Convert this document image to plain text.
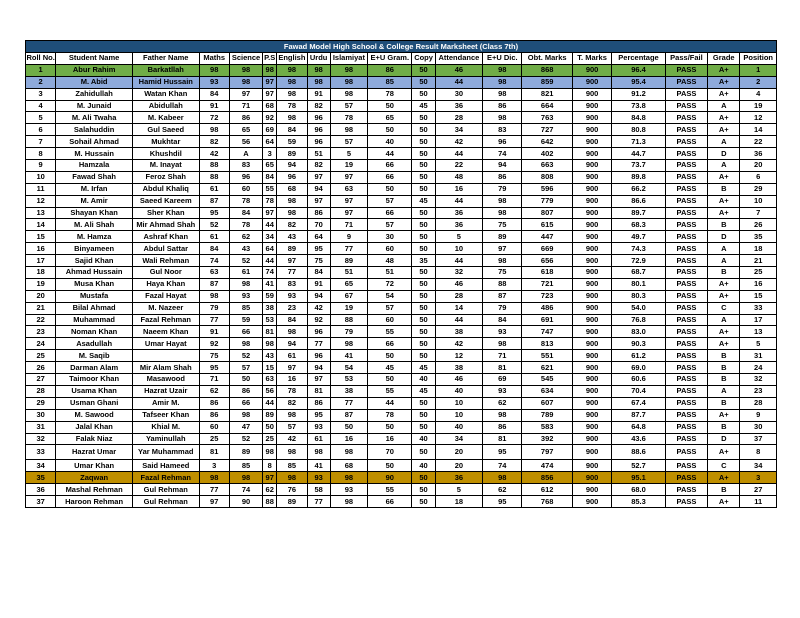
Fawad Model High School & College Result Marksheet (Class 7th)																		
Roll No.	Student Name	Father Name	Maths	Science	P.S	English	Urdu	Islamiyat	E+U Gram.	Copy	Attendance	E+U Dic.	Obt. Marks	T. Marks	Percentage	Pass/Fail	Grade	Position
1	Abur Rahim	Barkatllah	98	98	98	98	98	98	86	50	46	98	868	900	96.4	PASS	A+	1
2	M. Abid	Hamid Hussain	93	98	97	98	98	98	85	50	44	98	859	900	95.4	PASS	A+	2
3	Zahidullah	Watan Khan	84	97	97	98	91	98	78	50	30	98	821	900	91.2	PASS	A+	4
4	M. Junaid	Abidullah	91	71	68	78	82	57	50	45	36	86	664	900	73.8	PASS	A	19
5	M. Ali Twaha	M. Kabeer	72	86	92	98	96	78	65	50	28	98	763	900	84.8	PASS	A+	12
6	Salahuddin	Gul Saeed	98	65	69	84	96	98	50	50	34	83	727	900	80.8	PASS	A+	14
7	Sohail Ahmad	Mukhtar	82	56	64	59	96	57	40	50	42	96	642	900	71.3	PASS	A	22
8	M. Hussain	Khushdil	42	A	3	89	51	5	44	50	44	74	402	900	44.7	PASS	D	36
9	Hamzala	M. Inayat	88	83	65	94	82	19	66	50	22	94	663	900	73.7	PASS	A	20
10	Fawad Shah	Feroz Shah	88	96	84	96	97	97	66	50	48	86	808	900	89.8	PASS	A+	6
11	M. Irfan	Abdul Khaliq	61	60	55	68	94	63	50	50	16	79	596	900	66.2	PASS	B	29
12	M. Amir	Saeed Kareem	87	78	78	98	97	97	57	45	44	98	779	900	86.6	PASS	A+	10
13	Shayan Khan	Sher Khan	95	84	97	98	86	97	66	50	36	98	807	900	89.7	PASS	A+	7
14	M. Ali Shah	Mir Ahmad Shah	52	78	44	82	70	71	57	50	36	75	615	900	68.3	PASS	B	26
15	M. Hamza	Ashraf Khan	61	62	34	43	64	9	30	50	5	89	447	900	49.7	PASS	D	35
16	Binyameen	Abdul Sattar	84	43	64	89	95	77	60	50	10	97	669	900	74.3	PASS	A	18
17	Sajid Khan	Wali Rehman	74	52	44	97	75	89	48	35	44	98	656	900	72.9	PASS	A	21
18	Ahmad Hussain	Gul Noor	63	61	74	77	84	51	51	50	32	75	618	900	68.7	PASS	B	25
19	Musa Khan	Haya Khan	87	98	41	83	91	65	72	50	46	88	721	900	80.1	PASS	A+	16
20	Mustafa	Fazal Hayat	98	93	59	93	94	67	54	50	28	87	723	900	80.3	PASS	A+	15
21	Bilal Ahmad	M. Nazeer	79	85	38	23	42	19	57	50	14	79	486	900	54.0	PASS	C	33
22	Muhammad	Fazal Rehman	77	59	53	84	92	88	60	50	44	84	691	900	76.8	PASS	A	17
23	Noman Khan	Naeem Khan	91	66	81	98	96	79	55	50	38	93	747	900	83.0	PASS	A+	13
24	Asadullah	Umar Hayat	92	98	98	94	77	98	66	50	42	98	813	900	90.3	PASS	A+	5
25	M. Saqib		75	52	43	61	96	41	50	50	12	71	551	900	61.2	PASS	B	31
26	Darman Alam	Mir Alam Shah	95	57	15	97	94	54	45	45	38	81	621	900	69.0	PASS	B	24
27	Taimoor Khan	Masawood	71	50	63	16	97	53	50	40	46	69	545	900	60.6	PASS	B	32
28	Usama Khan	Hazrat Uzair	62	86	56	78	81	38	55	45	40	93	634	900	70.4	PASS	A	23
29	Usman Ghani	Amir M.	86	66	44	82	86	77	44	50	10	62	607	900	67.4	PASS	B	28
30	M. Sawood	Tafseer Khan	86	98	89	98	95	87	78	50	10	98	789	900	87.7	PASS	A+	9
31	Jalal Khan	Khial M.	60	47	50	57	93	50	50	50	40	86	583	900	64.8	PASS	B	30
32	Falak Niaz	Yaminullah	25	52	25	42	61	16	16	40	34	81	392	900	43.6	PASS	D	37
33	Hazrat Umar	Yar Muhammad	81	89	98	98	98	98	70	50	20	95	797	900	88.6	PASS	A+	8
34	Umar Khan	Said Hameed	3	85	8	85	41	68	50	40	20	74	474	900	52.7	PASS	C	34
35	Zaqwan	Fazal Rehman	98	98	97	98	93	98	90	50	36	98	856	900	95.1	PASS	A+	3
36	Mashal Rehman	Gul Rehman	77	74	62	76	58	93	55	50	5	62	612	900	68.0	PASS	B	27
37	Haroon Rehman	Gul Rehman	97	90	88	89	77	98	66	50	18	95	768	900	85.3	PASS	A+	11
